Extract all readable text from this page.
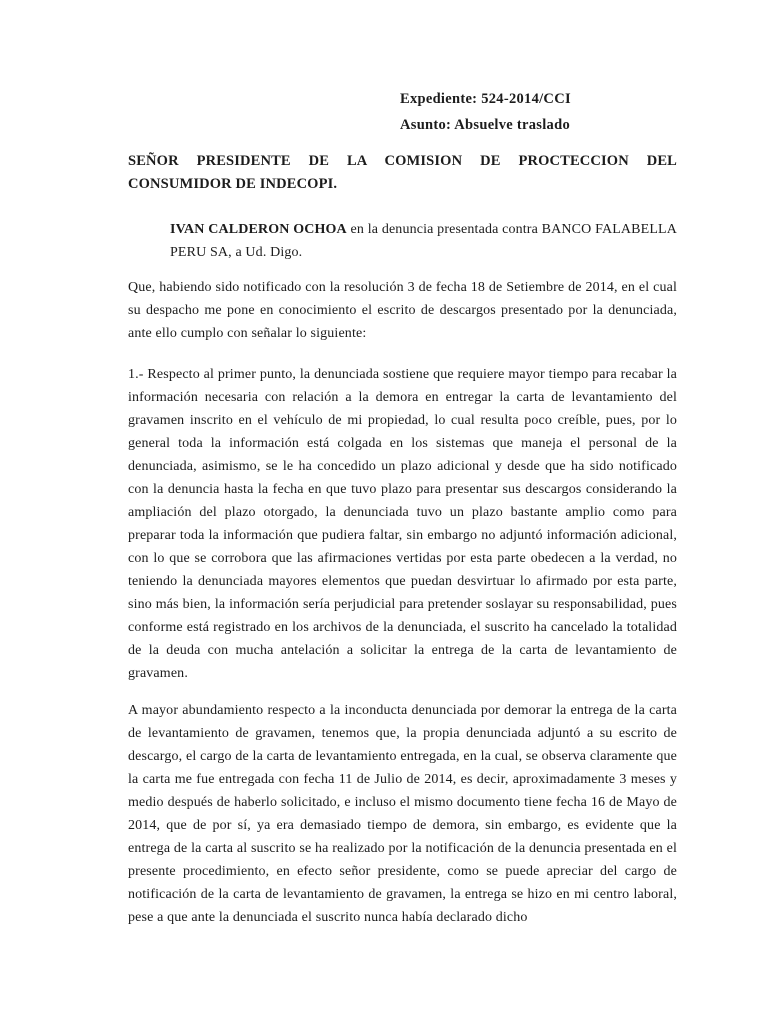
Expediente: 524-2014/CCI
Asunto: Absuelve traslado

SEÑOR PRESIDENTE DE LA COMISION DE PROCTECCION DEL CONSUMIDOR DE INDECOPI.

IVAN CALDERON OCHOA en la denuncia presentada contra BANCO FALABELLA PERU SA, a Ud. Digo.

Que, habiendo sido notificado con la resolución 3 de fecha 18 de Setiembre de 2014, en el cual su despacho me pone en conocimiento el escrito de descargos presentado por la denunciada, ante ello cumplo con señalar lo siguiente:

1.- Respecto al primer punto, la denunciada sostiene que requiere mayor tiempo para recabar la información necesaria con relación a la demora en entregar la carta de levantamiento del gravamen inscrito en el vehículo de mi propiedad, lo cual resulta poco creíble, pues, por lo general toda la información está colgada en los sistemas que maneja el personal de la denunciada, asimismo, se le ha concedido un plazo adicional y desde que ha sido notificado con la denuncia hasta la fecha en que tuvo plazo para presentar sus descargos considerando la ampliación del plazo otorgado, la denunciada tuvo un plazo bastante amplio como para preparar toda la información que pudiera faltar, sin embargo no adjuntó información adicional, con lo que se corrobora que las afirmaciones vertidas por esta parte obedecen a la verdad, no teniendo la denunciada mayores elementos que puedan desvirtuar lo afirmado por esta parte, sino más bien, la información sería perjudicial para pretender soslayar su responsabilidad, pues conforme está registrado en los archivos de la denunciada, el suscrito ha cancelado la totalidad de la deuda con mucha antelación a solicitar la entrega de la carta de levantamiento de gravamen.

A mayor abundamiento respecto a la inconducta denunciada por demorar la entrega de la carta de levantamiento de gravamen, tenemos que, la propia denunciada adjuntó a su escrito de descargo, el cargo de la carta de levantamiento entregada, en la cual, se observa claramente que la carta me fue entregada con fecha 11 de Julio de 2014, es decir, aproximadamente 3 meses y medio después de haberlo solicitado, e incluso el mismo documento tiene fecha 16 de Mayo de 2014, que de por sí, ya era demasiado tiempo de demora, sin embargo, es evidente que la entrega de la carta al suscrito se ha realizado por la notificación de la denuncia presentada en el presente procedimiento, en efecto señor presidente, como se puede apreciar del cargo de notificación de la carta de levantamiento de gravamen, la entrega se hizo en mi centro laboral, pese a que ante la denunciada el suscrito nunca había declarado dicho
